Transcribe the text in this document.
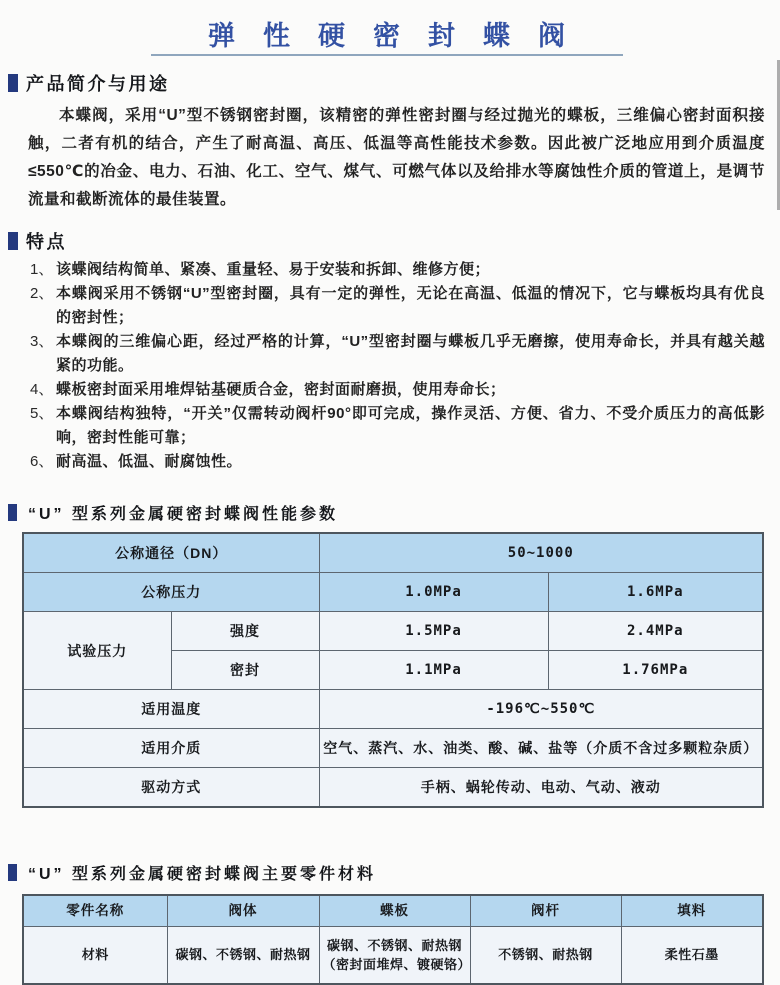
弹性硬密封蝶阀
产品简介与用途

本蝶阀，采用“U”型不锈钢密封圈，该精密的弹性密封圈与经过抛光的蝶板，三维偏心密封面积接触，二者有机的结合，产生了耐高温、高压、低温等高性能技术参数。因此被广泛地应用到介质温度≤550℃的冶金、电力、石油、化工、空气、煤气、可燃气体以及给排水等腐蚀性介质的管道上，是调节流量和截断流体的最佳装置。

特点
1、 该蝶阀结构简单、紧凑、重量轻、易于安装和拆卸、维修方便；
2、 本蝶阀采用不锈钢“U”型密封圈，具有一定的弹性，无论在高温、低温的情况下，它与蝶板均具有优良的密封性；
3、 本蝶阀的三维偏心距，经过严格的计算，“U”型密封圈与蝶板几乎无磨擦，使用寿命长，并具有越关越紧的功能。
4、 蝶板密封面采用堆焊钴基硬质合金，密封面耐磨损，使用寿命长；
5、 本蝶阀结构独特，“开关”仅需转动阀杆90°即可完成，操作灵活、方便、省力、不受介质压力的高低影响，密封性能可靠；
6、 耐高温、低温、耐腐蚀性。
“U” 型系列金属硬密封蝶阀性能参数
公称通径（DN）		50~1000	
公称压力		1.0MPa	1.6MPa
试验压力	强度	1.5MPa	2.4MPa
	密封	1.1MPa	1.76MPa
适用温度		-196℃~550℃	
适用介质		空气、蒸汽、水、油类、酸、碱、盐等（介质不含过多颗粒杂质）	
驱动方式		手柄、蜗轮传动、电动、气动、液动	
“U” 型系列金属硬密封蝶阀主要零件材料
零件名称	阀体	蝶板	阀杆	填料
材料	碳钢、不锈钢、耐热钢	碳钢、不锈钢、耐热钢（密封面堆焊、镀硬铬）	不锈钢、耐热钢	柔性石墨
